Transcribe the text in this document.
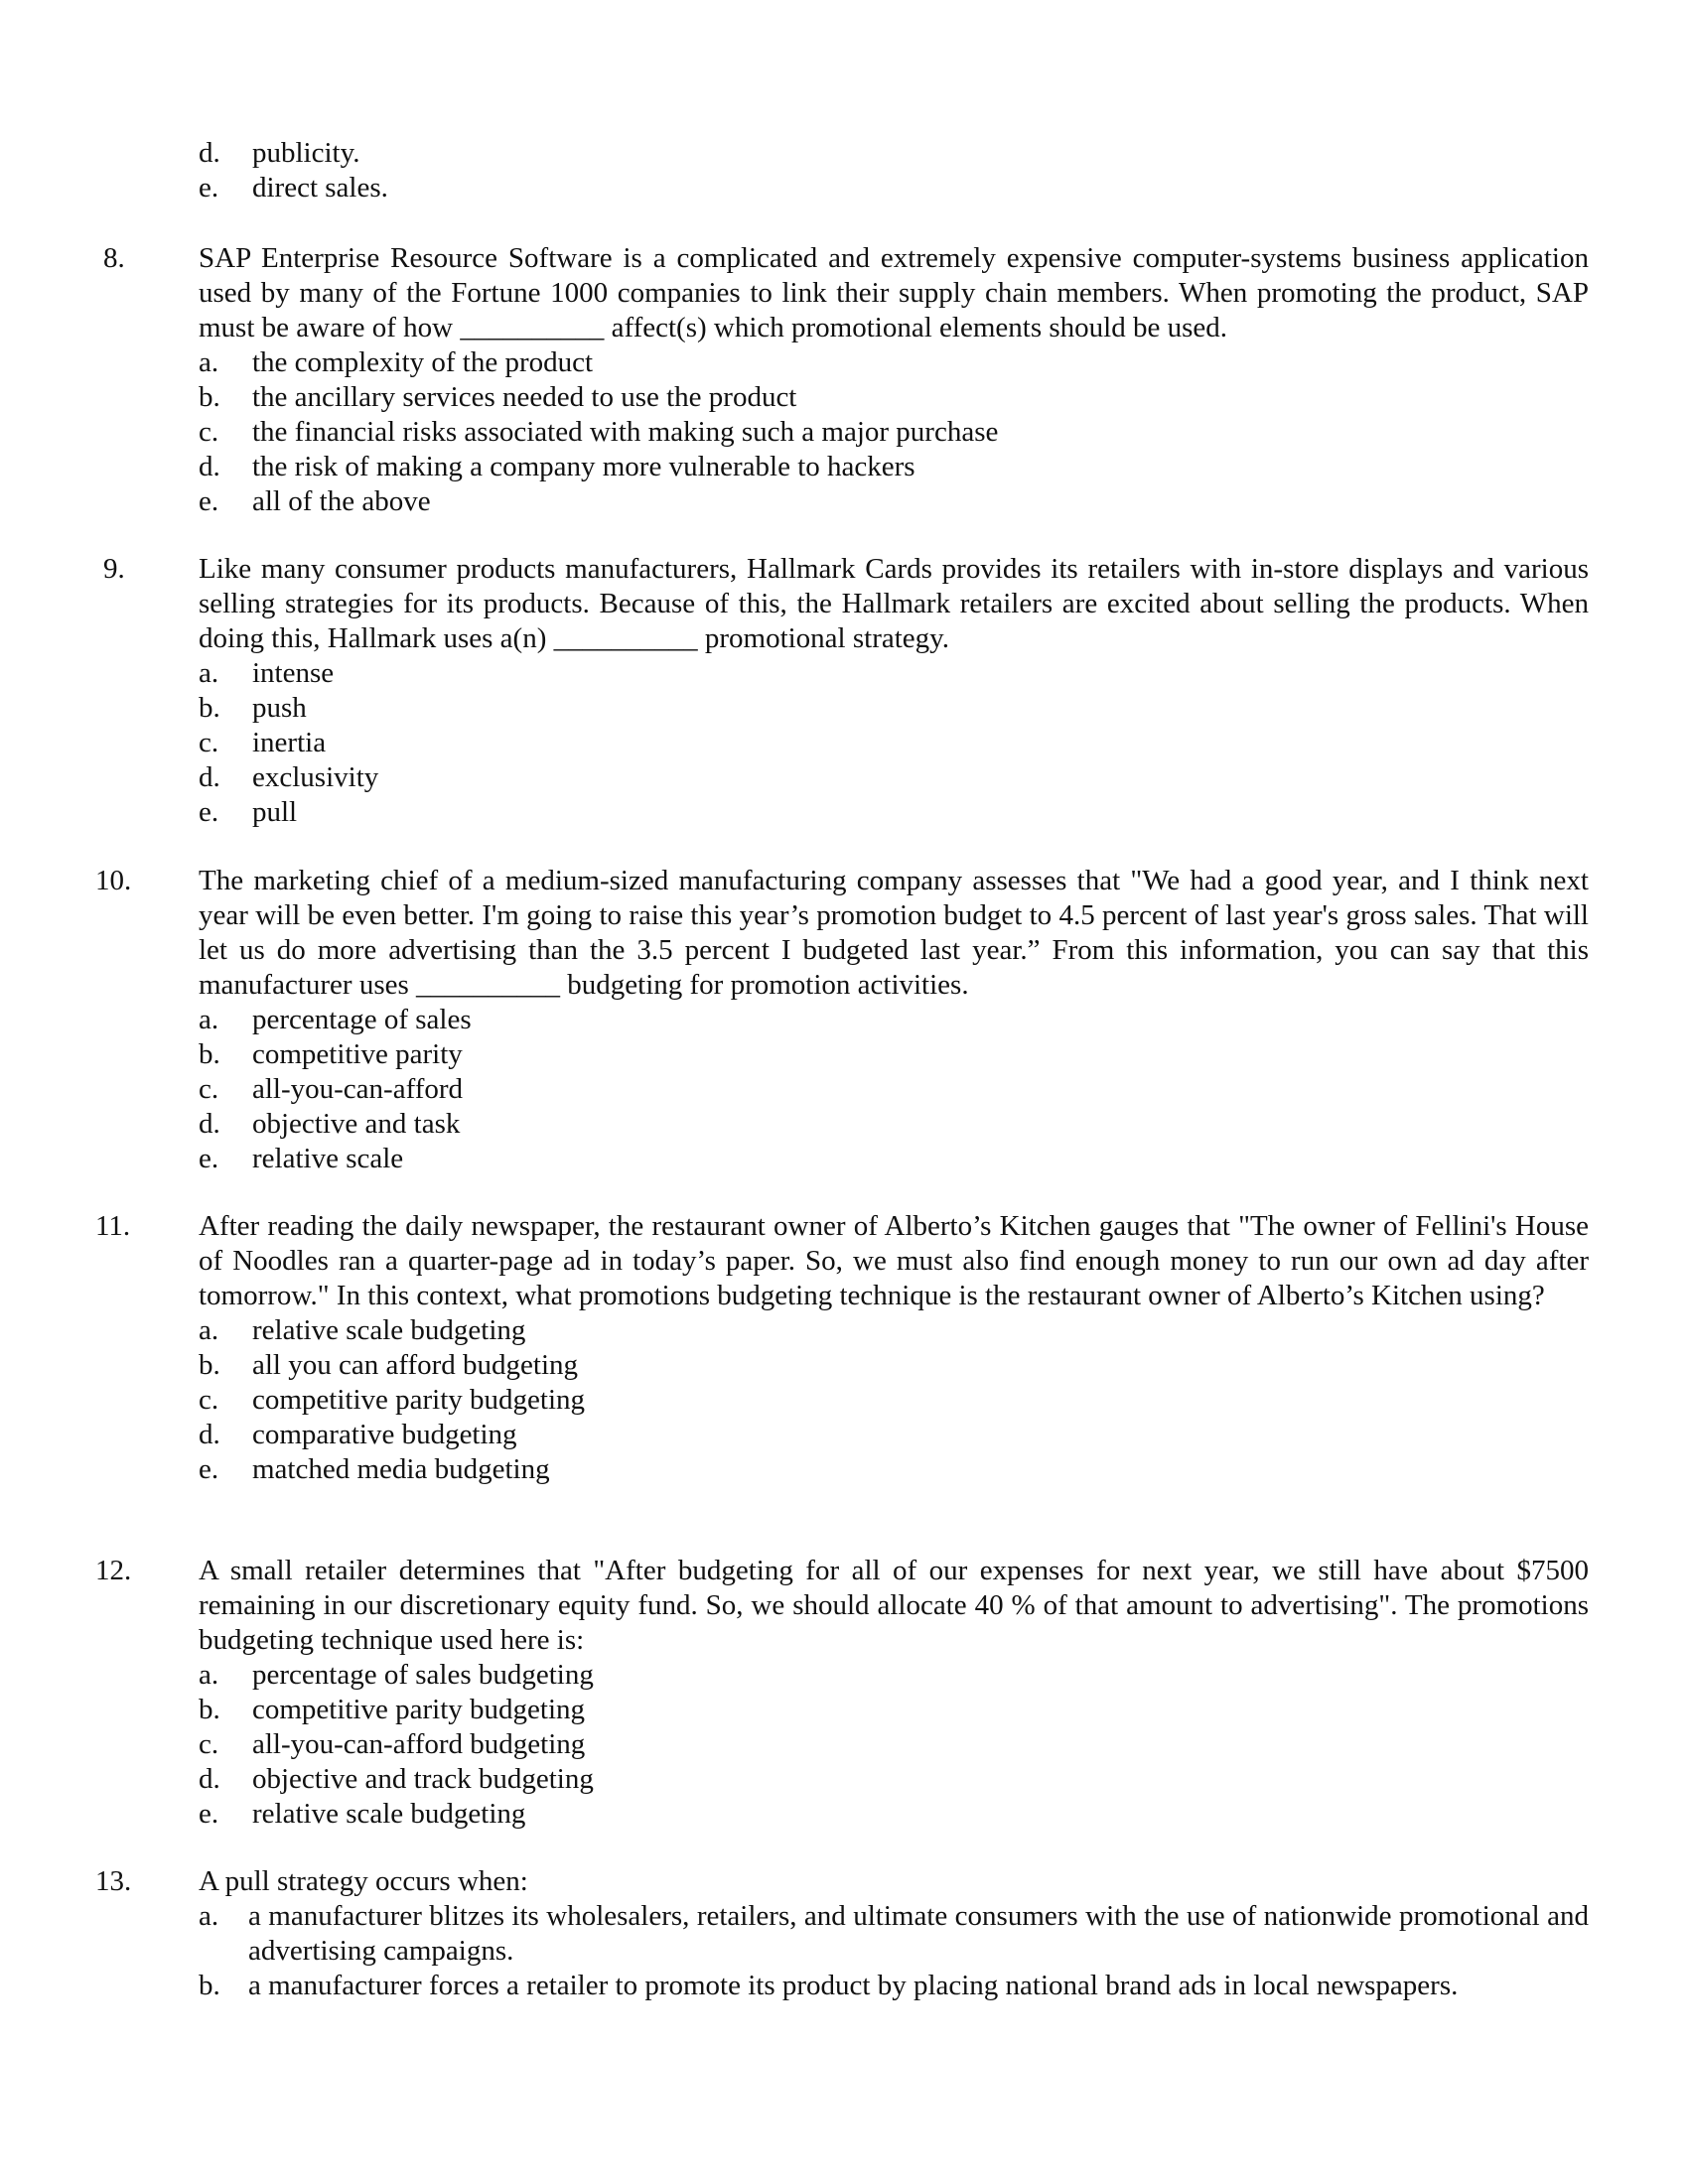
d.	publicity.
e.	direct sales.
8.	SAP Enterprise Resource Software is a complicated and extremely expensive computer-systems business application used by many of the Fortune 1000 companies to link their supply chain members. When promoting the product, SAP must be aware of how __________ affect(s) which promotional elements should be used.

a.	the complexity of the product
b.	the ancillary services needed to use the product
c.	the financial risks associated with making such a major purchase
d.	the risk of making a company more vulnerable to hackers
e.	all of the above
9.	Like many consumer products manufacturers, Hallmark Cards provides its retailers with in-store displays and various selling strategies for its products. Because of this, the Hallmark retailers are excited about selling the products. When doing this, Hallmark uses a(n) __________ promotional strategy.

a.	intense
b.	push
c.	inertia
d.	exclusivity
e.	pull
10.	The marketing chief of a medium-sized manufacturing company assesses that "We had a good year, and I think next year will be even better. I'm going to raise this year’s promotion budget to 4.5 percent of last year's gross sales. That will let us do more advertising than the 3.5 percent I budgeted last year.” From this information, you can say that this manufacturer uses __________ budgeting for promotion activities.

a.	percentage of sales
b.	competitive parity
c.	all-you-can-afford
d.	objective and task
e.	relative scale
11.	After reading the daily newspaper, the restaurant owner of Alberto’s Kitchen gauges that "The owner of Fellini's House of Noodles ran a quarter-page ad in today’s paper. So, we must also find enough money to run our own ad day after tomorrow." In this context, what promotions budgeting technique is the restaurant owner of Alberto’s Kitchen using?

a.	relative scale budgeting
b.	all you can afford budgeting
c.	competitive parity budgeting
d.	comparative budgeting
e.	matched media budgeting
12.	A small retailer determines that "After budgeting for all of our expenses for next year, we still have about $7500 remaining in our discretionary equity fund. So, we should allocate 40 % of that amount to advertising". The promotions budgeting technique used here is:

a.	percentage of sales budgeting
b.	competitive parity budgeting
c.	all-you-can-afford budgeting
d.	objective and track budgeting
e.	relative scale budgeting
13.	A pull strategy occurs when:

a.	a manufacturer blitzes its wholesalers, retailers, and ultimate consumers with the use of nationwide promotional and advertising campaigns.
b. a manufacturer forces a retailer to promote its product by placing national brand ads in local newspapers.
